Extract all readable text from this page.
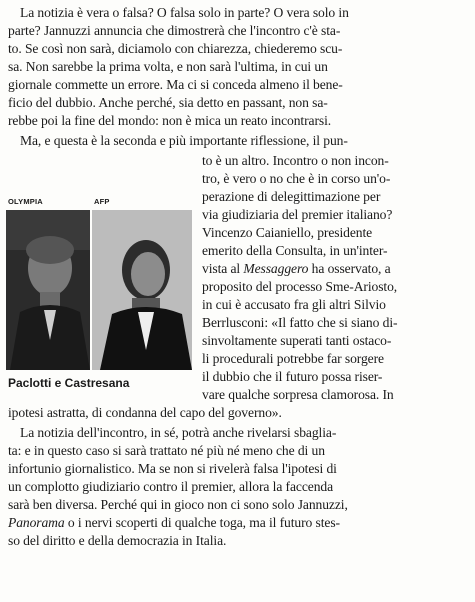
La notizia è vera o falsa? O falsa solo in parte? O vera solo in
parte? Jannuzzi annuncia che dimostrerà che l'incontro c'è sta-
to. Se così non sarà, diciamolo con chiarezza, chiederemo scu-
sa. Non sarebbe la prima volta, e non sarà l'ultima, in cui un
giornale commette un errore. Ma ci si conceda almeno il bene-
ficio del dubbio. Anche perché, sia detto en passant, non sa-
rebbe poi la fine del mondo: non è mica un reato incontrarsi.
Ma, e questa è la seconda e più importante riflessione, il pun-
OLYMPIA	AFP
Paclotti e Castresana
to è un altro. Incontro o non incon-
tro, è vero o no che è in corso un'o-
perazione di delegittimazione per
via giudiziaria del premier italiano?
Vincenzo Caianiello, presidente
emerito della Consulta, in un'inter-
vista al Messaggero ha osservato, a
proposito del processo Sme-Ariosto,
in cui è accusato fra gli altri Silvio
Berrlusconi: «Il fatto che si siano di-
sinvoltamente superati tanti ostaco-
li procedurali potrebbe far sorgere
il dubbio che il futuro possa riser-
vare qualche sorpresa clamorosa. In
ipotesi astratta, di condanna del capo del governo».
La notizia dell'incontro, in sé, potrà anche rivelarsi sbaglia-
ta: e in questo caso si sarà trattato né più né meno che di un
infortunio giornalistico. Ma se non si rivelerà falsa l'ipotesi di
un complotto giudiziario contro il premier, allora la faccenda
sarà ben diversa. Perché qui in gioco non ci sono solo Jannuzzi,
Panorama o i nervi scoperti di qualche toga, ma il futuro stes-
so del diritto e della democrazia in Italia.
